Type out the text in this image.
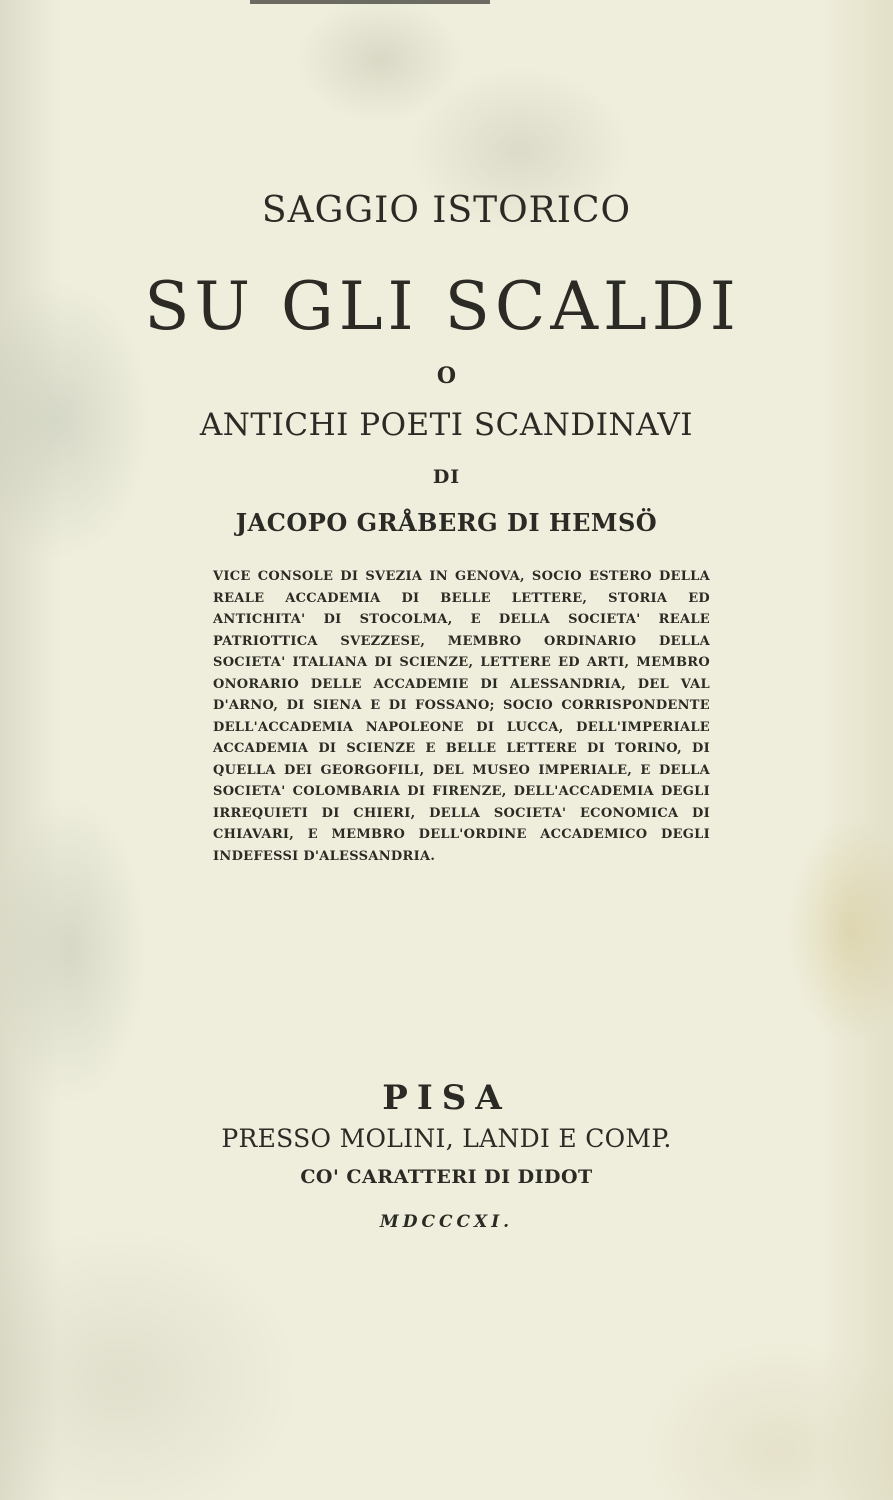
SAGGIO ISTORICO
SU GLI SCALDI
O
ANTICHI POETI SCANDINAVI
DI
JACOPO GRÅBERG DI HEMSÖ
VICE CONSOLE DI SVEZIA IN GENOVA, SOCIO ESTERO DELLA REALE ACCADEMIA DI BELLE LETTERE, STORIA ED ANTICHITA' DI STOCOLMA, E DELLA SOCIETA' REALE PATRIOTTICA SVEZZESE, MEMBRO ORDINARIO DELLA SOCIETA' ITALIANA DI SCIENZE, LETTERE ED ARTI, MEMBRO ONORARIO DELLE ACCADEMIE DI ALESSANDRIA, DEL VAL D'ARNO, DI SIENA E DI FOSSANO; SOCIO CORRISPONDENTE DELL'ACCADEMIA NAPOLEONE DI LUCCA, DELL'IMPERIALE ACCADEMIA DI SCIENZE E BELLE LETTERE DI TORINO, DI QUELLA DEI GEORGOFILI, DEL MUSEO IMPERIALE, E DELLA SOCIETA' COLOMBARIA DI FIRENZE, DELL'ACCADEMIA DEGLI IRREQUIETI DI CHIERI, DELLA SOCIETA' ECONOMICA DI CHIAVARI, E MEMBRO DELL'ORDINE ACCADEMICO DEGLI INDEFESSI D'ALESSANDRIA.
PISA
PRESSO MOLINI, LANDI E COMP.
CO' CARATTERI DI DIDOT
MDCCCXI.
